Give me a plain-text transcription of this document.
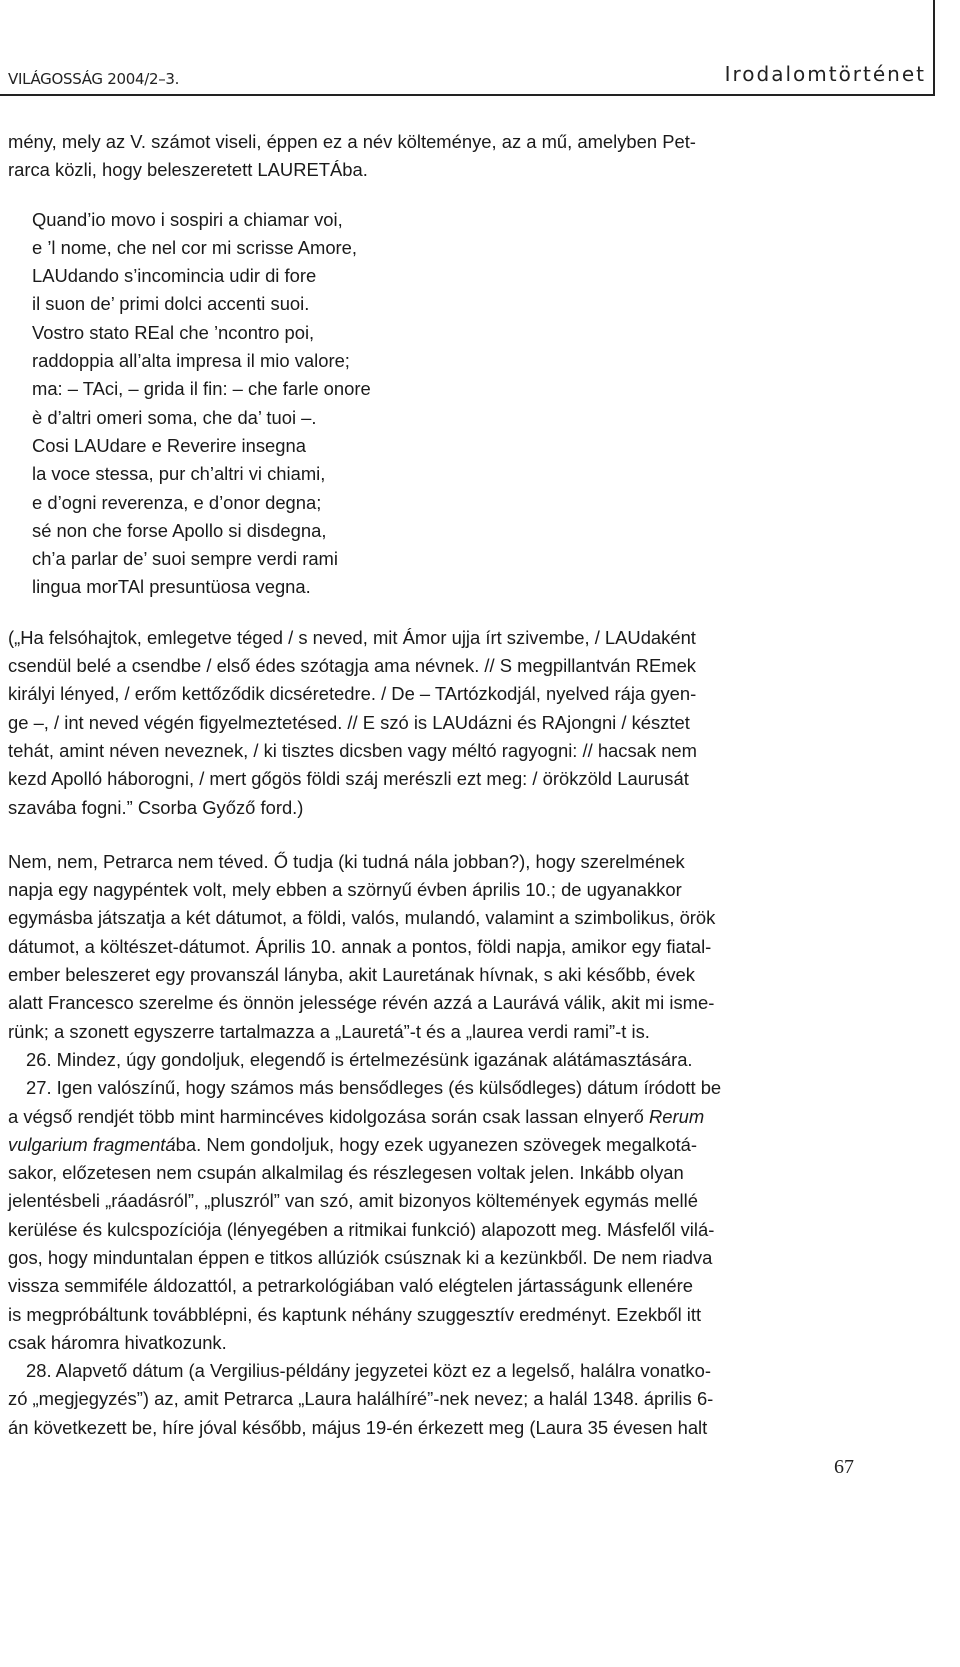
VILÁGOSSÁG 2004/2–3.	Irodalomtörténet
mény, mely az V. számot viseli, éppen ez a név költeménye, az a mű, amelyben Pet-
rarca közli, hogy beleszeretett LAURETÁba.
Quand’io movo i sospiri a chiamar voi,
e ’l nome, che nel cor mi scrisse Amore,
LAUdando s’incomincia udir di fore
il suon de’ primi dolci accenti suoi.
Vostro stato REal che ’ncontro poi,
raddoppia all’alta impresa il mio valore;
ma: – TAci, – grida il fin: – che farle onore
è d’altri omeri soma, che da’ tuoi –.
Cosi LAUdare e Reverire insegna
la voce stessa, pur ch’altri vi chiami,
e d’ogni reverenza, e d’onor degna;
sé non che forse Apollo si disdegna,
ch’a parlar de’ suoi sempre verdi rami
lingua morTAl presuntüosa vegna.
(„Ha felsóhajtok, emlegetve téged / s neved, mit Ámor ujja írt szivembe, / LAUdaként
csendül belé a csendbe / első édes szótagja ama névnek. // S megpillantván REmek
királyi lényed, / erőm kettőződik dicséretedre. / De – TArtózkodjál, nyelved rája gyen-
ge –, / int neved végén figyelmeztetésed. // E szó is LAUdázni és RAjongni / késztet
tehát, amint néven neveznek, / ki tisztes dicsben vagy méltó ragyogni: // hacsak nem
kezd Apolló háborogni, / mert gőgös földi száj merészli ezt meg: / örökzöld Laurusát
szavába fogni.” Csorba Győző ford.)
Nem, nem, Petrarca nem téved. Ő tudja (ki tudná nála jobban?), hogy szerelmének
napja egy nagypéntek volt, mely ebben a szörnyű évben április 10.; de ugyanakkor
egymásba játszatja a két dátumot, a földi, valós, mulandó, valamint a szimbolikus, örök
dátumot, a költészet-dátumot. Április 10. annak a pontos, földi napja, amikor egy fiatal-
ember beleszeret egy provanszál lányba, akit Lauretának hívnak, s aki később, évek
alatt Francesco szerelme és önnön jelessége révén azzá a Laurává válik, akit mi isme-
rünk; a szonett egyszerre tartalmazza a „Lauretá”-t és a „laurea verdi rami”-t is.
26. Mindez, úgy gondoljuk, elegendő is értelmezésünk igazának alátámasztására.
27. Igen valószínű, hogy számos más bensődleges (és külsődleges) dátum íródott be
a végső rendjét több mint harmincéves kidolgozása során csak lassan elnyerő Rerum
vulgarium fragmentába. Nem gondoljuk, hogy ezek ugyanezen szövegek megalkotá-
sakor, előzetesen nem csupán alkalmilag és részlegesen voltak jelen. Inkább olyan
jelentésbeli „ráadásról”, „pluszról” van szó, amit bizonyos költemények egymás mellé
kerülése és kulcspozíciója (lényegében a ritmikai funkció) alapozott meg. Másfelől vilá-
gos, hogy minduntalan éppen e titkos allúziók csúsznak ki a kezünkből. De nem riadva
vissza semmiféle áldozattól, a petrarkológiában való elégtelen jártasságunk ellenére
is megpróbáltunk továbblépni, és kaptunk néhány szuggesztív eredményt. Ezekből itt
csak háromra hivatkozunk.
28. Alapvető dátum (a Vergilius-példány jegyzetei közt ez a legelső, halálra vonatko-
zó „megjegyzés”) az, amit Petrarca „Laura halálhíré”-nek nevez; a halál 1348. április 6-
án következett be, híre jóval később, május 19-én érkezett meg (Laura 35 évesen halt
67
